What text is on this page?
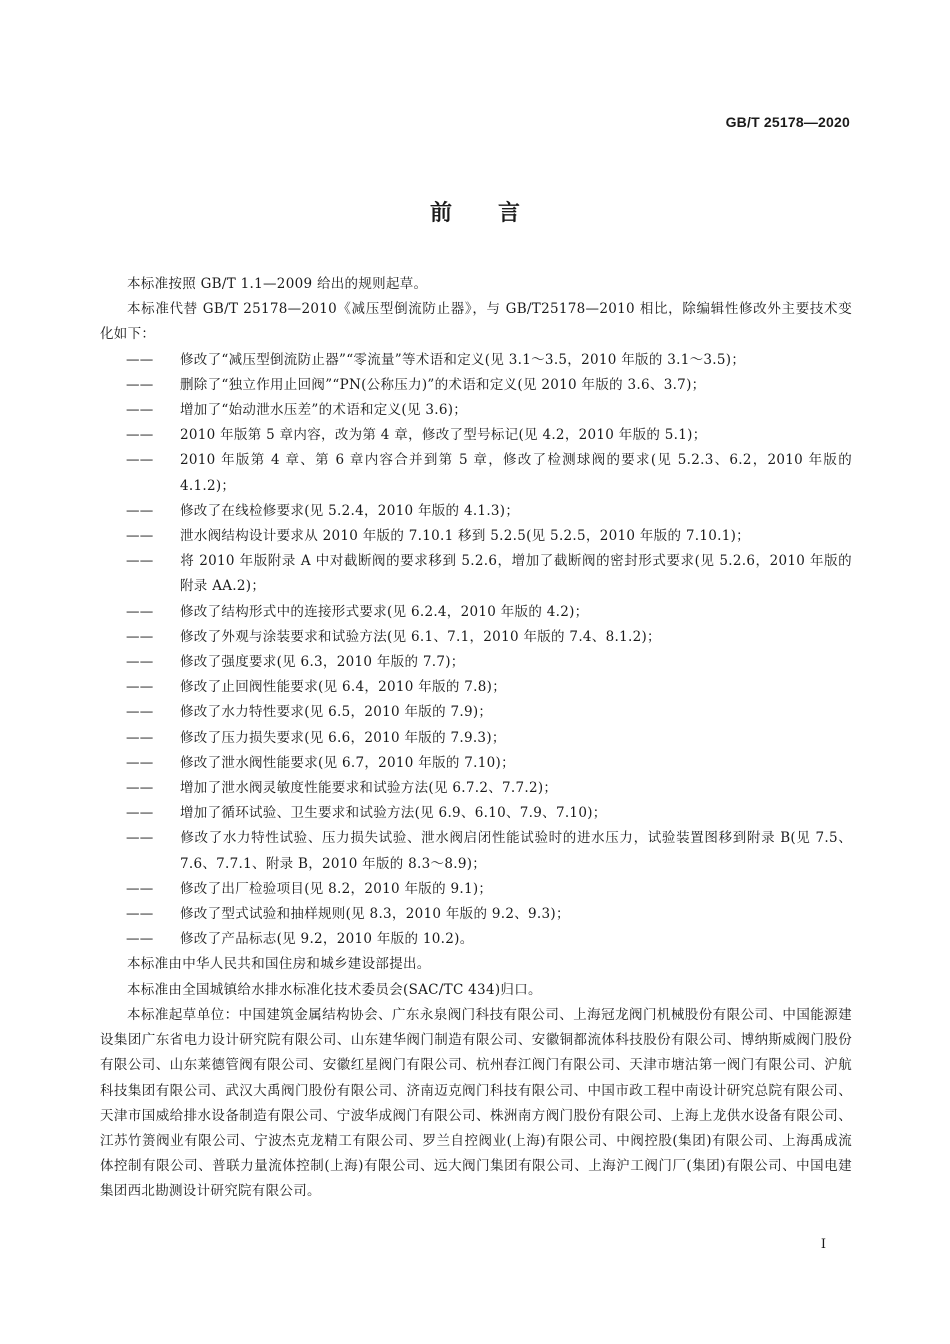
GB/T 25178—2020
前言

本标准按照 GB/T 1.1—2009 给出的规则起草。

本标准代替 GB/T 25178—2010《减压型倒流防止器》，与 GB/T25178—2010 相比，除编辑性修改外主要技术变化如下：

—— 修改了“减压型倒流防止器”“零流量”等术语和定义(见 3.1～3.5，2010 年版的 3.1～3.5)；
—— 删除了“独立作用止回阀”“PN(公称压力)”的术语和定义(见 2010 年版的 3.6、3.7)；
—— 增加了“始动泄水压差”的术语和定义(见 3.6)；
—— 2010 年版第 5 章内容，改为第 4 章，修改了型号标记(见 4.2，2010 年版的 5.1)；
—— 2010 年版第 4 章、第 6 章内容合并到第 5 章，修改了检测球阀的要求(见 5.2.3、6.2，2010 年版的 4.1.2)；
—— 修改了在线检修要求(见 5.2.4，2010 年版的 4.1.3)；
—— 泄水阀结构设计要求从 2010 年版的 7.10.1 移到 5.2.5(见 5.2.5，2010 年版的 7.10.1)；
—— 将 2010 年版附录 A 中对截断阀的要求移到 5.2.6，增加了截断阀的密封形式要求(见 5.2.6，2010 年版的附录 AA.2)；
—— 修改了结构形式中的连接形式要求(见 6.2.4，2010 年版的 4.2)；
—— 修改了外观与涂装要求和试验方法(见 6.1、7.1，2010 年版的 7.4、8.1.2)；
—— 修改了强度要求(见 6.3，2010 年版的 7.7)；
—— 修改了止回阀性能要求(见 6.4，2010 年版的 7.8)；
—— 修改了水力特性要求(见 6.5，2010 年版的 7.9)；
—— 修改了压力损失要求(见 6.6，2010 年版的 7.9.3)；
—— 修改了泄水阀性能要求(见 6.7，2010 年版的 7.10)；
—— 增加了泄水阀灵敏度性能要求和试验方法(见 6.7.2、7.7.2)；
—— 增加了循环试验、卫生要求和试验方法(见 6.9、6.10、7.9、7.10)；
—— 修改了水力特性试验、压力损失试验、泄水阀启闭性能试验时的进水压力，试验装置图移到附录 B(见 7.5、7.6、7.7.1、附录 B，2010 年版的 8.3～8.9)；
—— 修改了出厂检验项目(见 8.2，2010 年版的 9.1)；
—— 修改了型式试验和抽样规则(见 8.3，2010 年版的 9.2、9.3)；
—— 修改了产品标志(见 9.2，2010 年版的 10.2)。

本标准由中华人民共和国住房和城乡建设部提出。

本标准由全国城镇给水排水标准化技术委员会(SAC/TC 434)归口。

本标准起草单位：中国建筑金属结构协会、广东永泉阀门科技有限公司、上海冠龙阀门机械股份有限公司、中国能源建设集团广东省电力设计研究院有限公司、山东建华阀门制造有限公司、安徽铜都流体科技股份有限公司、博纳斯威阀门股份有限公司、山东莱德管阀有限公司、安徽红星阀门有限公司、杭州春江阀门有限公司、天津市塘沽第一阀门有限公司、沪航科技集团有限公司、武汉大禹阀门股份有限公司、济南迈克阀门科技有限公司、中国市政工程中南设计研究总院有限公司、天津市国威给排水设备制造有限公司、宁波华成阀门有限公司、株洲南方阀门股份有限公司、上海上龙供水设备有限公司、江苏竹箦阀业有限公司、宁波杰克龙精工有限公司、罗兰自控阀业(上海)有限公司、中阀控股(集团)有限公司、上海禹成流体控制有限公司、普联力量流体控制(上海)有限公司、远大阀门集团有限公司、上海沪工阀门厂(集团)有限公司、中国电建集团西北勘测设计研究院有限公司。

I
